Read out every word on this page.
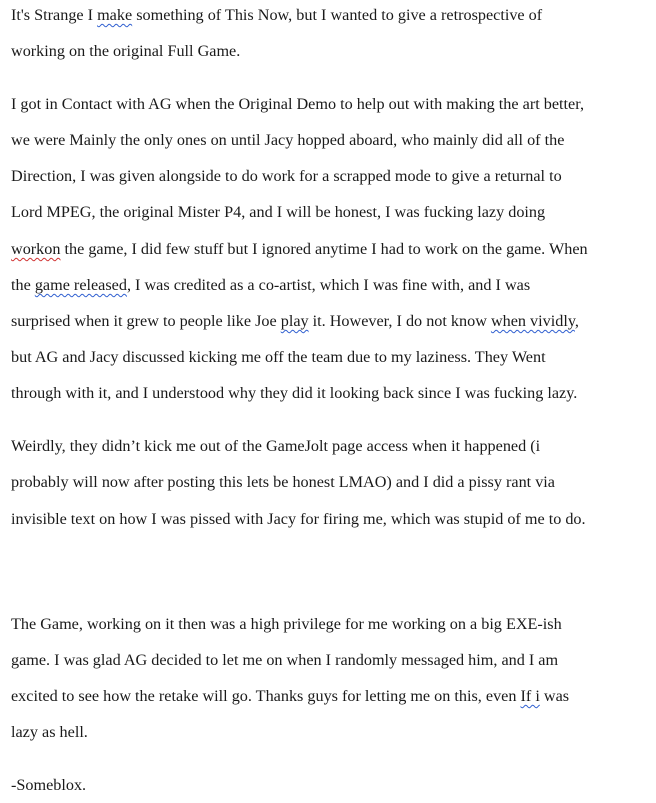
It's Strange I make something of This Now, but I wanted to give a retrospective of
working on the original Full Game.
I got in Contact with AG when the Original Demo to help out with making the art better,
we were Mainly the only ones on until Jacy hopped aboard, who mainly did all of the
Direction, I was given alongside to do work for a scrapped mode to give a returnal to
Lord MPEG, the original Mister P4, and I will be honest, I was fucking lazy doing
workon the game, I did few stuff but I ignored anytime I had to work on the game. When
the game released, I was credited as a co-artist, which I was fine with, and I was
surprised when it grew to people like Joe play it. However, I do not know when vividly,
but AG and Jacy discussed kicking me off the team due to my laziness. They Went
through with it, and I understood why they did it looking back since I was fucking lazy.
Weirdly, they didn’t kick me out of the GameJolt page access when it happened (i
probably will now after posting this lets be honest LMAO) and I did a pissy rant via
invisible text on how I was pissed with Jacy for firing me, which was stupid of me to do.
The Game, working on it then was a high privilege for me working on a big EXE-ish
game. I was glad AG decided to let me on when I randomly messaged him, and I am
excited to see how the retake will go. Thanks guys for letting me on this, even If i was
lazy as hell.
-Someblox.
